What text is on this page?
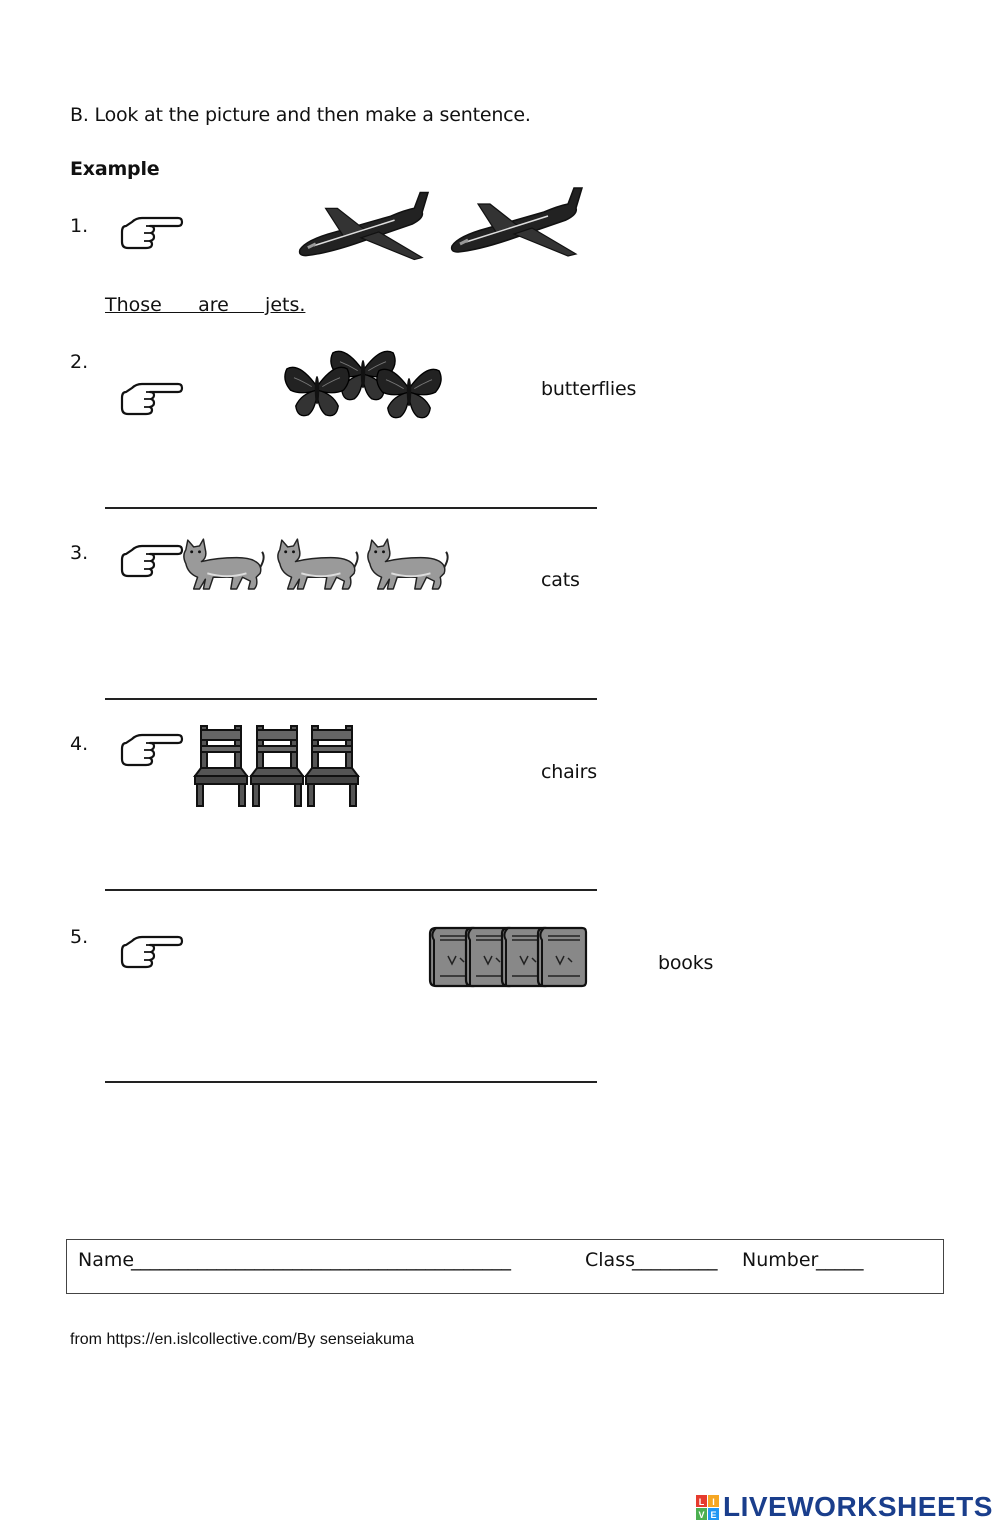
B. Look at the picture and then make a sentence.
Example
1.
Those      are      jets.
2.
butterflies
3.
cats
4.
chairs
5.
books
Name
________________________________________	Class
_________ Number
_____
from https://en.islcollective.com/By senseiakuma
L I
V E LIVEWORKSHEETS
